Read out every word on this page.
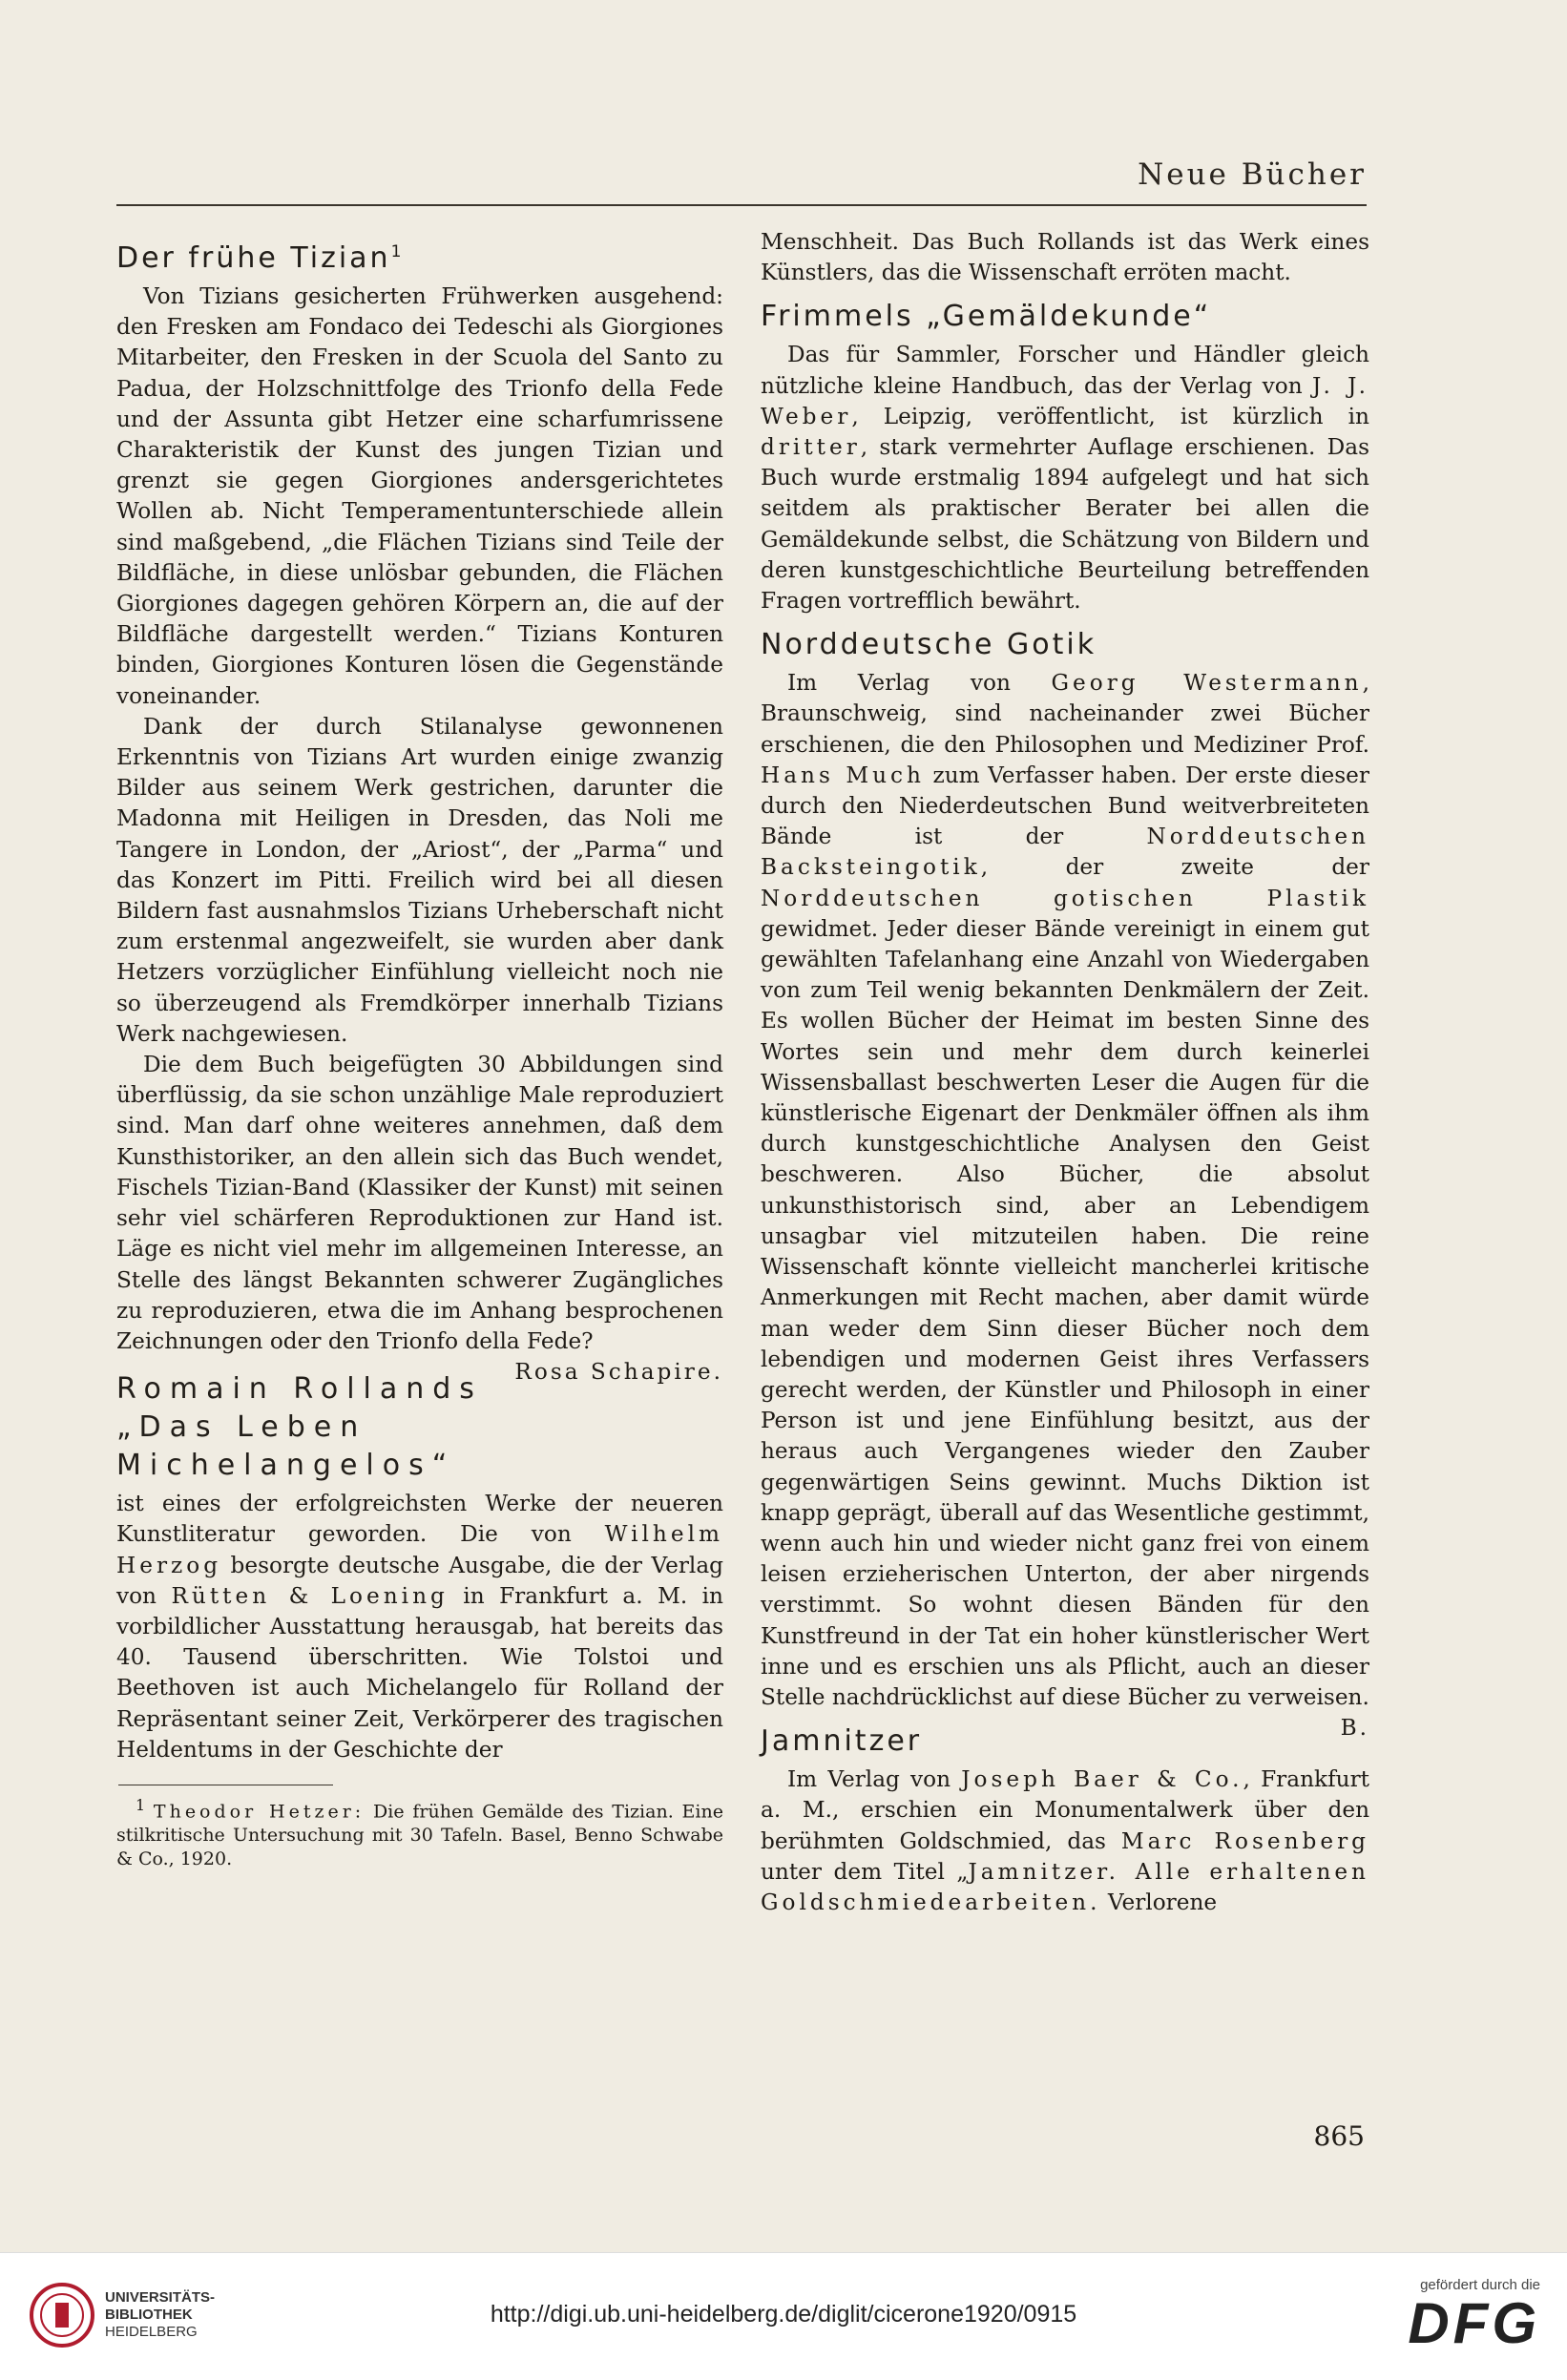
Neue Bücher
Der frühe Tizian$^1$

Von Tizians gesicherten Frühwerken ausgehend: den Fresken am Fondaco dei Tedeschi als Giorgiones Mitarbeiter, den Fresken in der Scuola del Santo zu Padua, der Holzschnittfolge des Trionfo della Fede und der Assunta gibt Hetzer eine scharfumrissene Charakteristik der Kunst des jungen Tizian und grenzt sie gegen Giorgiones andersgerichtetes Wollen ab. Nicht Temperamentunterschiede allein sind maßgebend, „die Flächen Tizians sind Teile der Bildfläche, in diese unlösbar gebunden, die Flächen Giorgiones dagegen gehören Körpern an, die auf der Bildfläche dargestellt werden.“ Tizians Konturen binden, Giorgiones Konturen lösen die Gegenstände voneinander.

Dank der durch Stilanalyse gewonnenen Erkenntnis von Tizians Art wurden einige zwanzig Bilder aus seinem Werk gestrichen, darunter die Madonna mit Heiligen in Dresden, das Noli me Tangere in London, der „Ariost“, der „Parma“ und das Konzert im Pitti. Freilich wird bei all diesen Bildern fast ausnahmslos Tizians Urheberschaft nicht zum erstenmal angezweifelt, sie wurden aber dank Hetzers vorzüglicher Einfühlung vielleicht noch nie so überzeugend als Fremdkörper innerhalb Tizians Werk nachgewiesen.

Die dem Buch beigefügten 30 Abbildungen sind überflüssig, da sie schon unzählige Male reproduziert sind. Man darf ohne weiteres annehmen, daß dem Kunsthistoriker, an den allein sich das Buch wendet, Fischels Tizian-Band (Klassiker der Kunst) mit seinen sehr viel schärferen Reproduktionen zur Hand ist. Läge es nicht viel mehr im allgemeinen Interesse, an Stelle des längst Bekannten schwerer Zugängliches zu reproduzieren, etwa die im Anhang besprochenen Zeichnungen oder den Trionfo della Fede?
Rosa Schapire.

Romain Rollands „Das Leben Michelangelos“

ist eines der erfolgreichsten Werke der neueren Kunstliteratur geworden. Die von Wilhelm Herzog besorgte deutsche Ausgabe, die der Verlag von Rütten & Loening in Frankfurt a. M. in vorbildlicher Ausstattung herausgab, hat bereits das 40. Tausend überschritten. Wie Tolstoi und Beethoven ist auch Michelangelo für Rolland der Repräsentant seiner Zeit, Verkörperer des tragischen Heldentums in der Geschichte der

$^1$ Theodor Hetzer: Die frühen Gemälde des Tizian. Eine stilkritische Untersuchung mit 30 Tafeln. Basel, Benno Schwabe & Co., 1920.

Menschheit. Das Buch Rollands ist das Werk eines Künstlers, das die Wissenschaft erröten macht.

Frimmels „Gemäldekunde“

Das für Sammler, Forscher und Händler gleich nützliche kleine Handbuch, das der Verlag von J. J. Weber, Leipzig, veröffentlicht, ist kürzlich in dritter, stark vermehrter Auflage erschienen. Das Buch wurde erstmalig 1894 aufgelegt und hat sich seitdem als praktischer Berater bei allen die Gemäldekunde selbst, die Schätzung von Bildern und deren kunstgeschichtliche Beurteilung betreffenden Fragen vortrefflich bewährt.

Norddeutsche Gotik

Im Verlag von Georg Westermann, Braunschweig, sind nacheinander zwei Bücher erschienen, die den Philosophen und Mediziner Prof. Hans Much zum Verfasser haben. Der erste dieser durch den Niederdeutschen Bund weitverbreiteten Bände ist der Norddeutschen Backsteingotik, der zweite der Norddeutschen gotischen Plastik gewidmet. Jeder dieser Bände vereinigt in einem gut gewählten Tafelanhang eine Anzahl von Wiedergaben von zum Teil wenig bekannten Denkmälern der Zeit. Es wollen Bücher der Heimat im besten Sinne des Wortes sein und mehr dem durch keinerlei Wissensballast beschwerten Leser die Augen für die künstlerische Eigenart der Denkmäler öffnen als ihm durch kunstgeschichtliche Analysen den Geist beschweren. Also Bücher, die absolut unkunsthistorisch sind, aber an Lebendigem unsagbar viel mitzuteilen haben. Die reine Wissenschaft könnte vielleicht mancherlei kritische Anmerkungen mit Recht machen, aber damit würde man weder dem Sinn dieser Bücher noch dem lebendigen und modernen Geist ihres Verfassers gerecht werden, der Künstler und Philosoph in einer Person ist und jene Einfühlung besitzt, aus der heraus auch Vergangenes wieder den Zauber gegenwärtigen Seins gewinnt. Muchs Diktion ist knapp geprägt, überall auf das Wesentliche gestimmt, wenn auch hin und wieder nicht ganz frei von einem leisen erzieherischen Unterton, der aber nirgends verstimmt. So wohnt diesen Bänden für den Kunstfreund in der Tat ein hoher künstlerischer Wert inne und es erschien uns als Pflicht, auch an dieser Stelle nachdrücklichst auf diese Bücher zu verweisen.
B.

Jamnitzer

Im Verlag von Joseph Baer & Co., Frankfurt a. M., erschien ein Monumentalwerk über den berühmten Goldschmied, das Marc Rosenberg unter dem Titel „Jamnitzer. Alle erhaltenen Goldschmiedearbeiten. Verlorene

865
UNIVERSITÄTS-
BIBLIOTHEK
HEIDELBERG
http://digi.ub.uni-heidelberg.de/diglit/cicerone1920/0915
gefördert durch die
DFG
